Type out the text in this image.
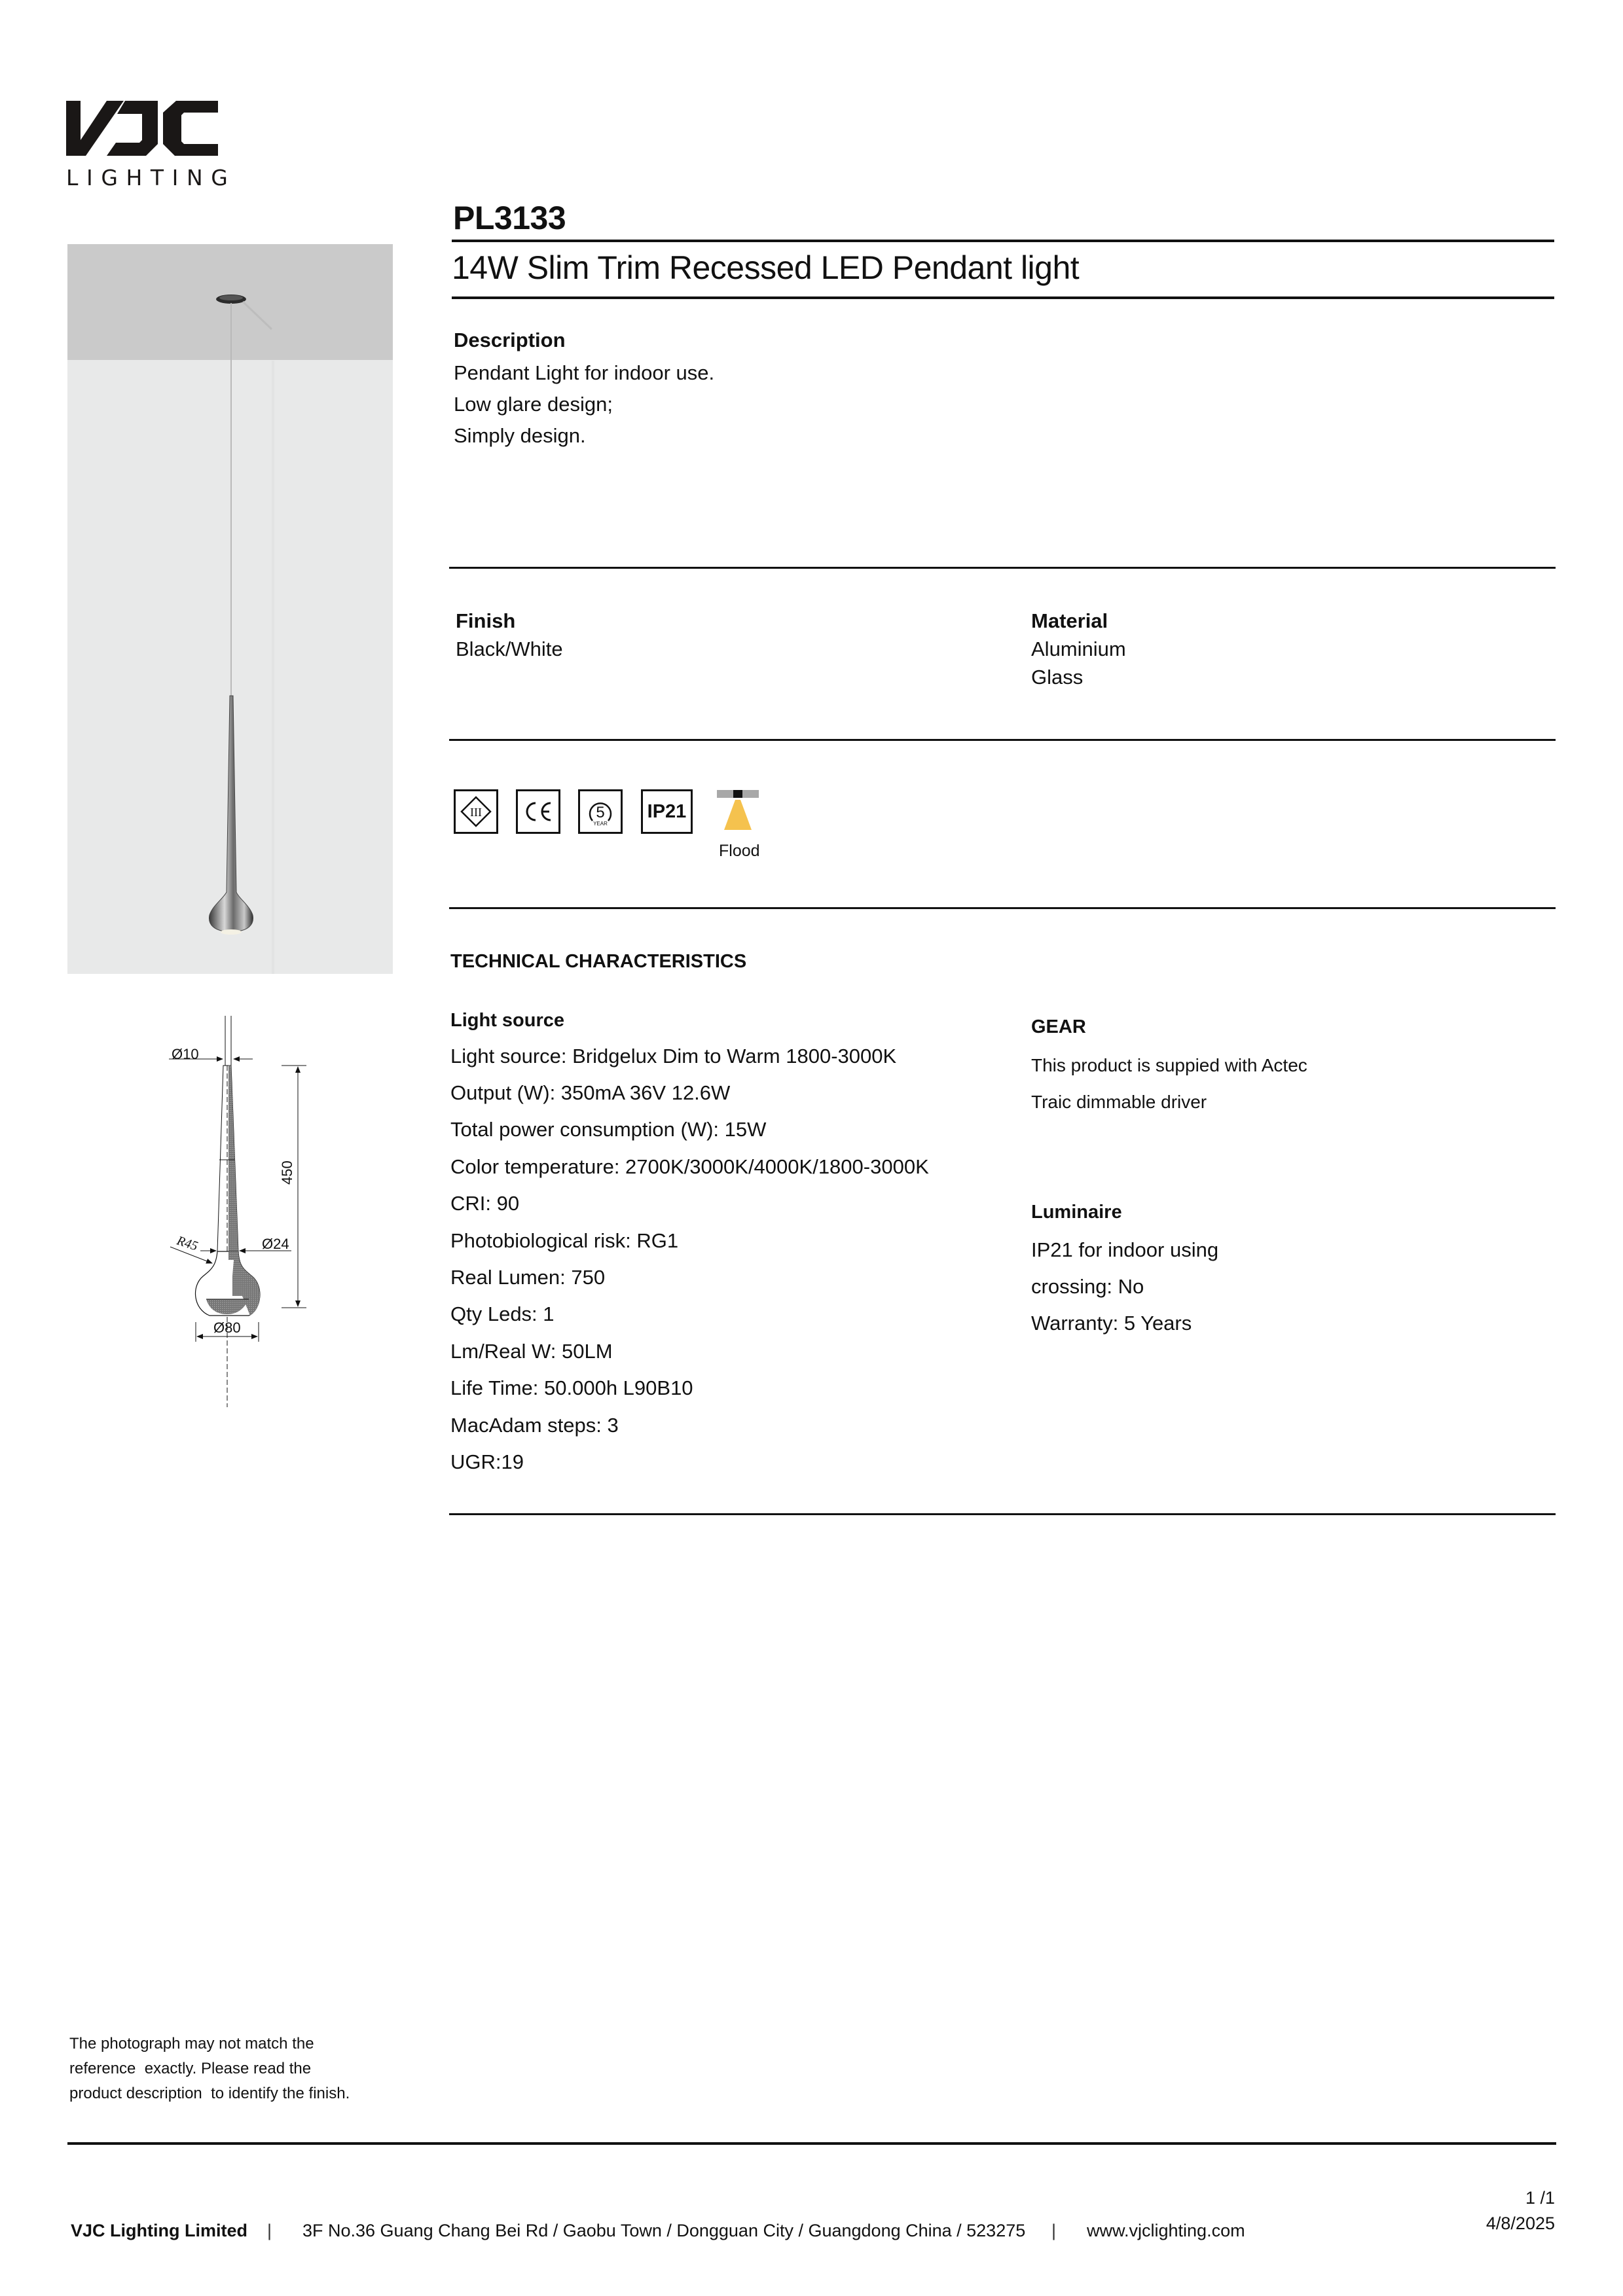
LIGHTING
Ø10
450
R45	Ø24
Ø80
PL3133
14W Slim Trim Recessed LED Pendant light
Description
Pendant Light for indoor use.
Low glare design;
Simply design.
Finish
Black/White
Material
Aluminium
Glass
III	5
YEAR
IP21
Flood
TECHNICAL CHARACTERISTICS
Light source
Light source: Bridgelux Dim to Warm 1800-3000K
Output (W): 350mA 36V 12.6W
Total power consumption (W): 15W
Color temperature: 2700K/3000K/4000K/1800-3000K
CRI: 90
Photobiological risk: RG1
Real Lumen: 750
Qty Leds: 1
Lm/Real W: 50LM
Life Time: 50.000h L90B10
MacAdam steps: 3
UGR:19
GEAR
This product is suppied with Actec
Traic dimmable driver
Luminaire
IP21 for indoor using
crossing: No
Warranty: 5 Years
The photograph may not match the
reference  exactly. Please read the
product description  to identify the finish.
VJC Lighting Limited | 3F No.36 Guang Chang Bei Rd / Gaobu Town / Dongguan City / Guangdong China / 523275 | www.vjclighting.com
1 /1
4/8/2025
